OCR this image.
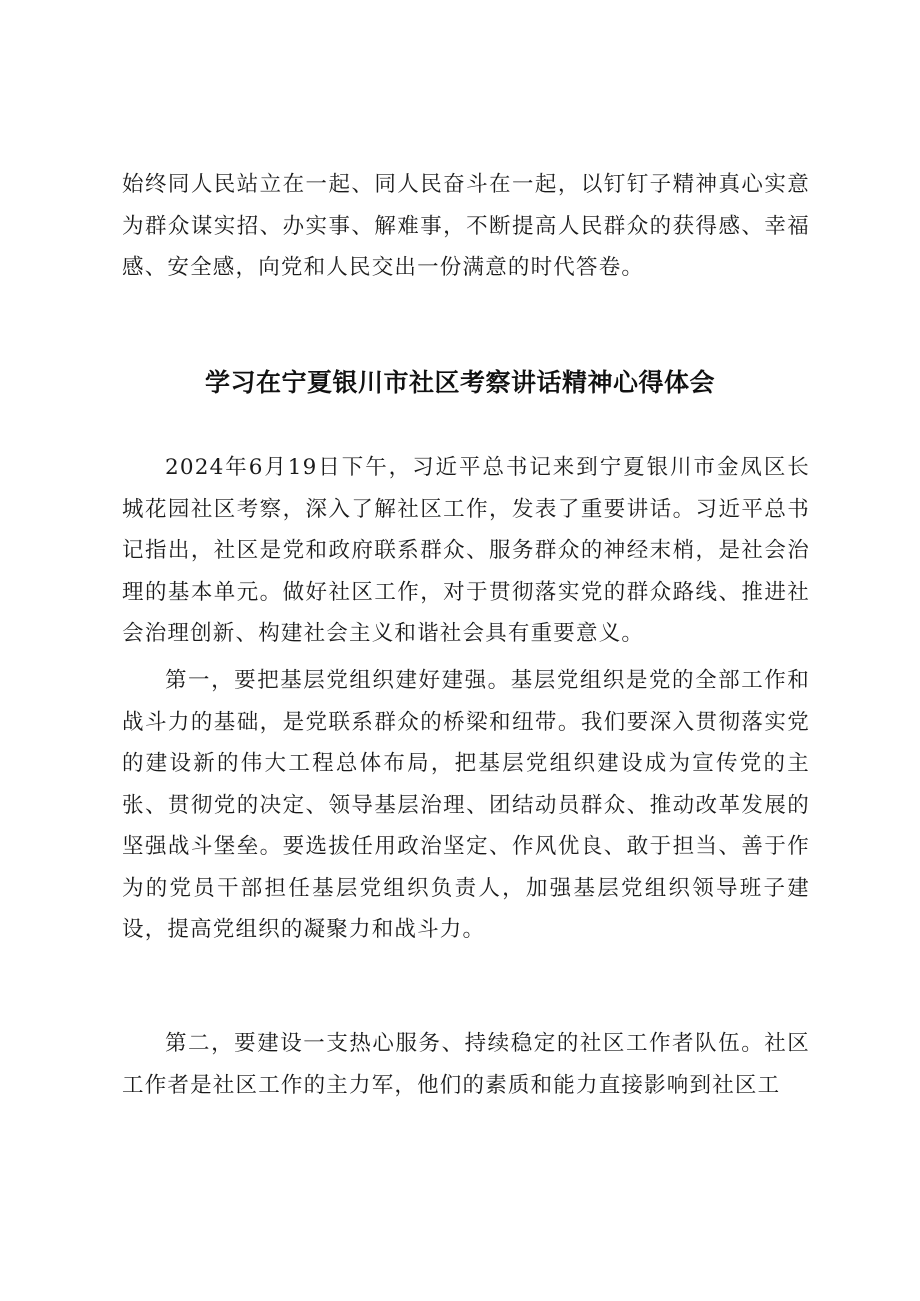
始终同人民站立在一起、同人民奋斗在一起，以钉钉子精神真心实意为群众谋实招、办实事、解难事，不断提高人民群众的获得感、幸福感、安全感，向党和人民交出一份满意的时代答卷。

学习在宁夏银川市社区考察讲话精神心得体会

2024年6月19日下午，习近平总书记来到宁夏银川市金凤区长城花园社区考察，深入了解社区工作，发表了重要讲话。习近平总书记指出，社区是党和政府联系群众、服务群众的神经末梢，是社会治理的基本单元。做好社区工作，对于贯彻落实党的群众路线、推进社会治理创新、构建社会主义和谐社会具有重要意义。

第一，要把基层党组织建好建强。基层党组织是党的全部工作和战斗力的基础，是党联系群众的桥梁和纽带。我们要深入贯彻落实党的建设新的伟大工程总体布局，把基层党组织建设成为宣传党的主张、贯彻党的决定、领导基层治理、团结动员群众、推动改革发展的坚强战斗堡垒。要选拔任用政治坚定、作风优良、敢于担当、善于作为的党员干部担任基层党组织负责人，加强基层党组织领导班子建设，提高党组织的凝聚力和战斗力。

第二，要建设一支热心服务、持续稳定的社区工作者队伍。社区工作者是社区工作的主力军，他们的素质和能力直接影响到社区工
